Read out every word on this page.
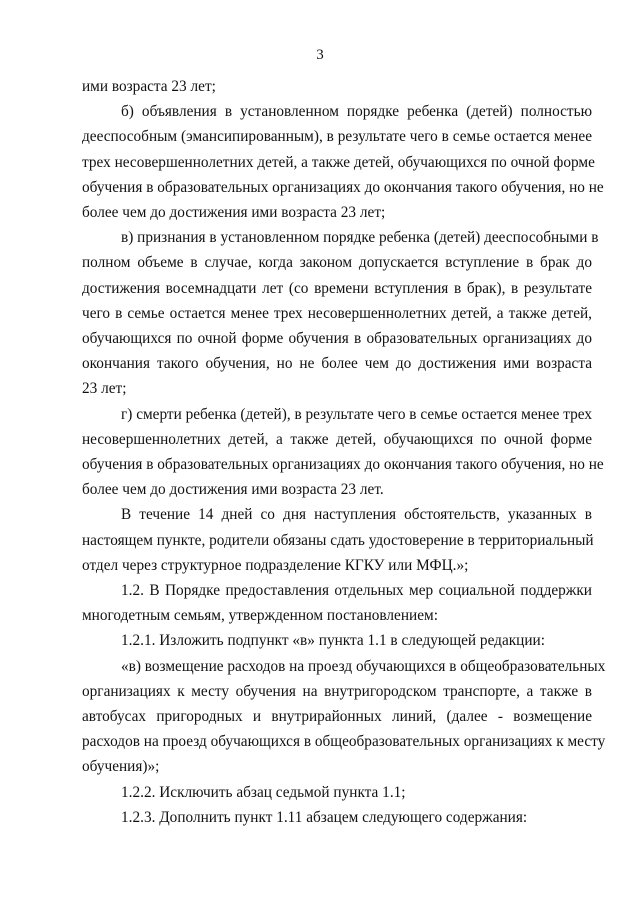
3
ими возраста 23 лет;
б) объявления в установленном порядке ребенка (детей) полностью
дееспособным (эмансипированным), в результате чего в семье остается менее
трех несовершеннолетних детей, а также детей, обучающихся по очной форме
обучения в образовательных организациях до окончания такого обучения, но не
более чем до достижения ими возраста 23 лет;
в) признания в установленном порядке ребенка (детей) дееспособными в
полном объеме в случае, когда законом допускается вступление в брак до
достижения восемнадцати лет (со времени вступления в брак), в результате
чего в семье остается менее трех несовершеннолетних детей, а также детей,
обучающихся по очной форме обучения в образовательных организациях до
окончания такого обучения, но не более чем до достижения ими возраста
23 лет;
г) смерти ребенка (детей), в результате чего в семье остается менее трех
несовершеннолетних детей, а также детей, обучающихся по очной форме
обучения в образовательных организациях до окончания такого обучения, но не
более чем до достижения ими возраста 23 лет.
В течение 14 дней со дня наступления обстоятельств, указанных в
настоящем пункте, родители обязаны сдать удостоверение в территориальный
отдел через структурное подразделение КГКУ или МФЦ.»;
1.2. В Порядке предоставления отдельных мер социальной поддержки
многодетным семьям, утвержденном постановлением:
1.2.1. Изложить подпункт «в» пункта 1.1 в следующей редакции:
«в) возмещение расходов на проезд обучающихся в общеобразовательных
организациях к месту обучения на внутригородском транспорте, а также в
автобусах пригородных и внутрирайонных линий, (далее - возмещение
расходов на проезд обучающихся в общеобразовательных организациях к месту
обучения)»;
1.2.2. Исключить абзац седьмой пункта 1.1;
1.2.3. Дополнить пункт 1.11 абзацем следующего содержания:
